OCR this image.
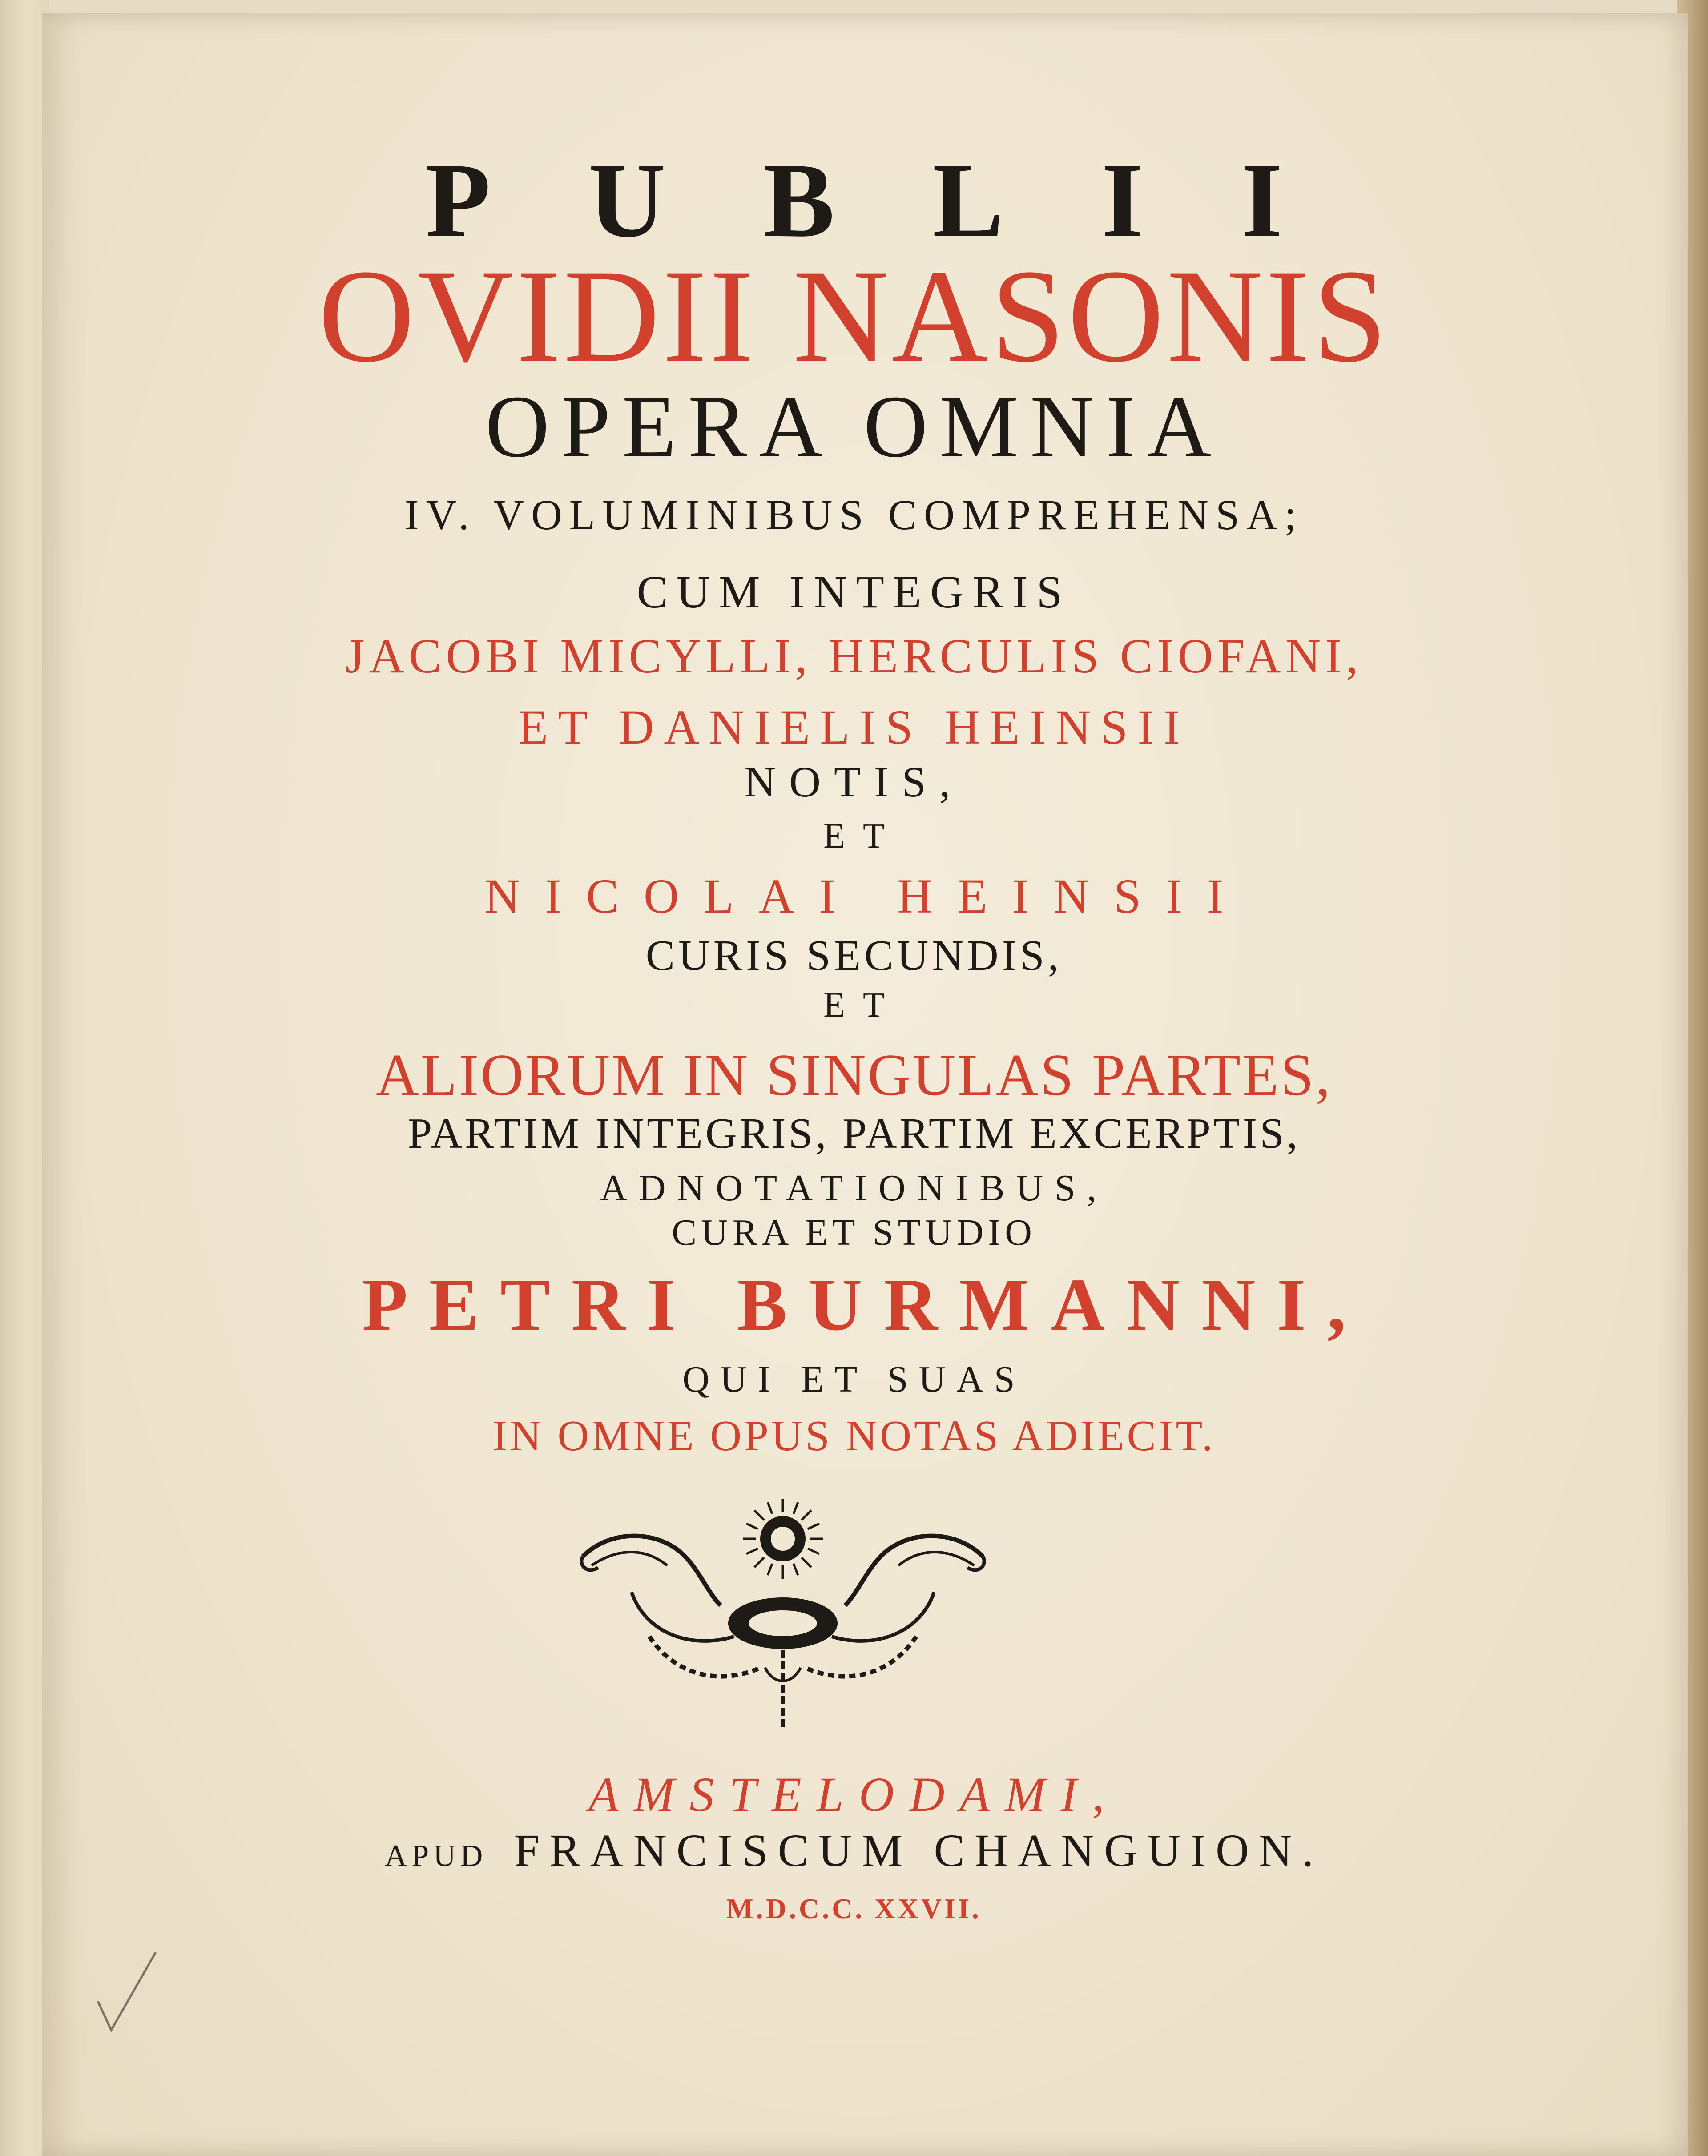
PUBLII
OVIDII NASONIS
OPERA OMNIA
IV. VOLUMINIBUS COMPREHENSA;
CUM INTEGRIS
JACOBI MICYLLI, HERCULIS CIOFANI,
ET DANIELIS HEINSII
NOTIS,
ET
NICOLAI HEINSII
CURIS SECUNDIS,
ET
ALIORUM IN SINGULAS PARTES,
PARTIM INTEGRIS, PARTIM EXCERPTIS,
ADNOTATIONIBUS,
CURA ET STUDIO
PETRI BURMANNI,
QUI ET SUAS
IN OMNE OPUS NOTAS ADIECIT.
AMSTELODAMI,
APUD FRANCISCUM CHANGUION.
M.D.C.C. XXVII.
